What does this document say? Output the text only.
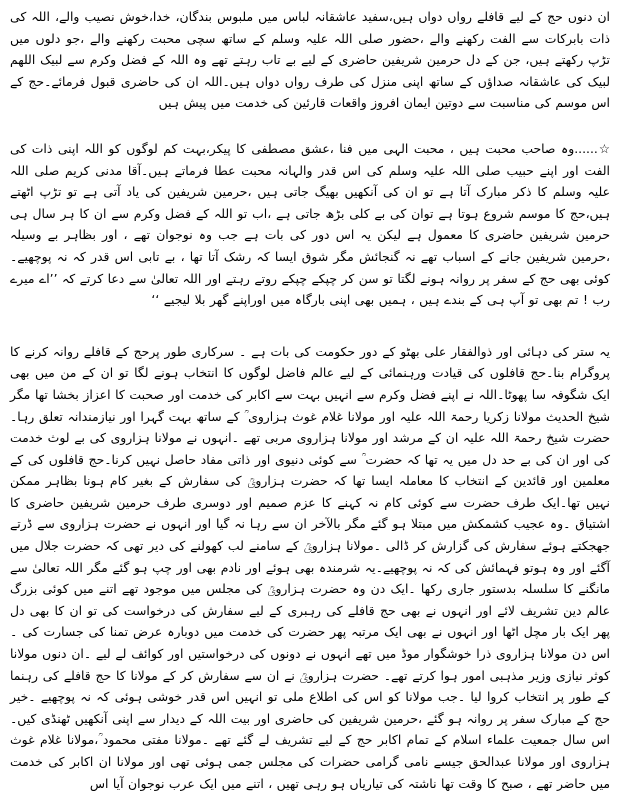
ان دنوں حج کے لیے قافلے رواں دواں ہیں،سفید عاشقانہ لباس میں ملبوس بندگان، خدا،خوش نصیب والے، اللہ کی ذات بابرکات سے الفت رکھنے والے ،حضور صلی اللہ علیہ وسلم کے ساتھ سچی محبت رکھنے والے ،جو دلوں میں تڑپ رکھتے ہیں، جن کے دل حرمین شریفین حاضری کے لیے بے تاب رہتے تھے وہ اللہ کے فضل وکرم سے لبیک اللھم لبیک کی عاشقانہ صداؤں کے ساتھ اپنی منزل کی طرف رواں دواں ہیں۔اللہ ان کی حاضری قبول فرمائے۔حج کے اس موسم کی مناسبت سے دوتین ایمان افروز واقعات قارئین کی خدمت میں پیش ہیں

☆......وہ صاحب محبت ہیں ، محبت الہی میں فنا ،عشق مصطفی کا پیکر،بہت کم لوگوں کو اللہ اپنی ذات کی الفت اور اپنے حبیب صلی اللہ علیہ وسلم کی اس قدر والہانہ محبت عطا فرماتے ہیں۔آقا مدنی کریم صلی اللہ علیہ وسلم کا ذکر مبارک آتا ہے تو ان کی آنکھیں بھیگ جاتی ہیں ،حرمین شریفین کی یاد آتی ہے تو تڑپ اٹھتے ہیں،حج کا موسم شروع ہوتا ہے توان کی بے کلی بڑھ جاتی ہے ،اب تو اللہ کے فضل وکرم سے ان کا ہر سال ہی حرمین شریفین حاضری کا معمول ہے لیکن یہ اس دور کی بات ہے جب وہ نوجوان تھے ، اور بظاہر بے وسیلہ ،حرمین شریفین جانے کے اسباب تھے نہ گنجائش مگر شوق ایسا کہ رشک آتا تھا ، بے تابی اس قدر کہ نہ پوچھیے۔کوئی بھی حج کے سفر پر روانہ ہونے لگتا تو سن کر چپکے چپکے روتے رہتے اور اللہ تعالیٰ سے دعا کرتے کہ ’’اے میرے رب ! تم بھی تو آپ ہی کے بندے ہیں ، ہمیں بھی اپنی بارگاہ میں اوراپنے گھر بلا لیجیے ‘‘

یہ ستر کی دہائی اور ذوالفقار علی بھٹو کے دور حکومت کی بات ہے ۔ سرکاری طور پرحج کے قافلے روانہ کرنے کا پروگرام بنا۔حج قافلوں کی قیادت ورہنمائی کے لیے عالم فاضل لوگوں کا انتخاب ہونے لگا تو ان کے من میں بھی ایک شگوفہ سا پھوٹا۔اللہ نے اپنے فضل وکرم سے انہیں بہت سے اکابر کی خدمت اور صحبت کا اعزاز بخشا تھا مگر شیخ الحدیث مولانا زکریا رحمۃ اللہ علیہ اور مولانا غلام غوث ہزاروی ؒ کے ساتھ بہت گہرا اور نیازمندانہ تعلق رہا۔حضرت شیخ رحمۃ اللہ علیہ ان کے مرشد اور مولانا ہزاروی مربی تھے ۔انہوں نے مولانا ہزاروی کی بے لوث خدمت کی اور ان کی بے حد دل میں یہ تھا کہ حضرت ؒ سے کوئی دنیوی اور ذاتی مفاد حاصل نہیں کرنا۔حج قافلوں کی کے معلمین اور قائدین کے انتخاب کا معاملہ ایسا تھا کہ حضرت ہزارویؒ کی سفارش کے بغیر کام ہونا بظاہر ممکن نہیں تھا۔ایک طرف حضرت سے کوئی کام نہ کہنے کا عزم صمیم اور دوسری طرف حرمین شریفین حاضری کا اشتیاق ۔وہ عجیب کشمکش میں مبتلا ہو گئے مگر بالآخر ان سے رہا نہ گیا اور انہوں نے حضرت ہزاروی سے ڈرتے جھجکتے ہوئے سفارش کی گزارش کر ڈالی ۔مولانا ہزارویؒ کے سامنے لب کھولنے کی دیر تھی کہ حضرت جلال میں آگئے اور وہ ہوتو فہمائش کی کہ نہ پوچھیے۔یہ شرمندہ بھی ہوئے اور نادم بھی اور چپ ہو گئے مگر اللہ تعالیٰ سے مانگنے کا سلسلہ بدستور جاری رکھا ۔ایک دن وہ حضرت ہزارویؒ کی مجلس میں موجود تھے اتنے میں کوئی بزرگ عالم دین تشریف لائے اور انہوں نے بھی حج قافلے کی رہبری کے لیے سفارش کی درخواست کی تو ان کا بھی دل پھر ایک بار مچل اٹھا اور انہوں نے بھی ایک مرتبہ پھر حضرت کی خدمت میں دوبارہ عرض تمنا کی جسارت کی ۔اس دن مولانا ہزاروی ذرا خوشگوار موڈ میں تھے انہوں نے دونوں کی درخواستیں اور کوائف لے لیے ۔ان دنوں مولانا کوثر نیازی وزیر مذہبی امور ہوا کرتے تھے۔ حضرت ہزارویؒ نے ان سے سفارش کر کے مولانا کا حج قافلے کی رہنما کے طور پر انتخاب کروا لیا ۔جب مولانا کو اس کی اطلاع ملی تو انہیں اس قدر خوشی ہوئی کہ نہ پوچھیے ۔خیر حج کے مبارک سفر پر روانہ ہو گئے ،حرمین شریفین کی حاضری اور بیت اللہ کے دیدار سے اپنی آنکھیں ٹھنڈی کیں۔اس سال جمعیت علماء اسلام کے تمام اکابر حج کے لیے تشریف لے گئے تھے ۔مولانا مفتی محمود ؒ،مولانا غلام غوث ہزاروی اور مولانا عبدالحق جیسے نامی گرامی حضرات کی مجلس جمی ہوئی تھی اور مولانا ان اکابر کی خدمت میں حاضر تھے ، صبح کا وقت تھا ناشتہ کی تیاریاں ہو رہی تھیں ، اتنے میں ایک عرب نوجوان آیا اس
